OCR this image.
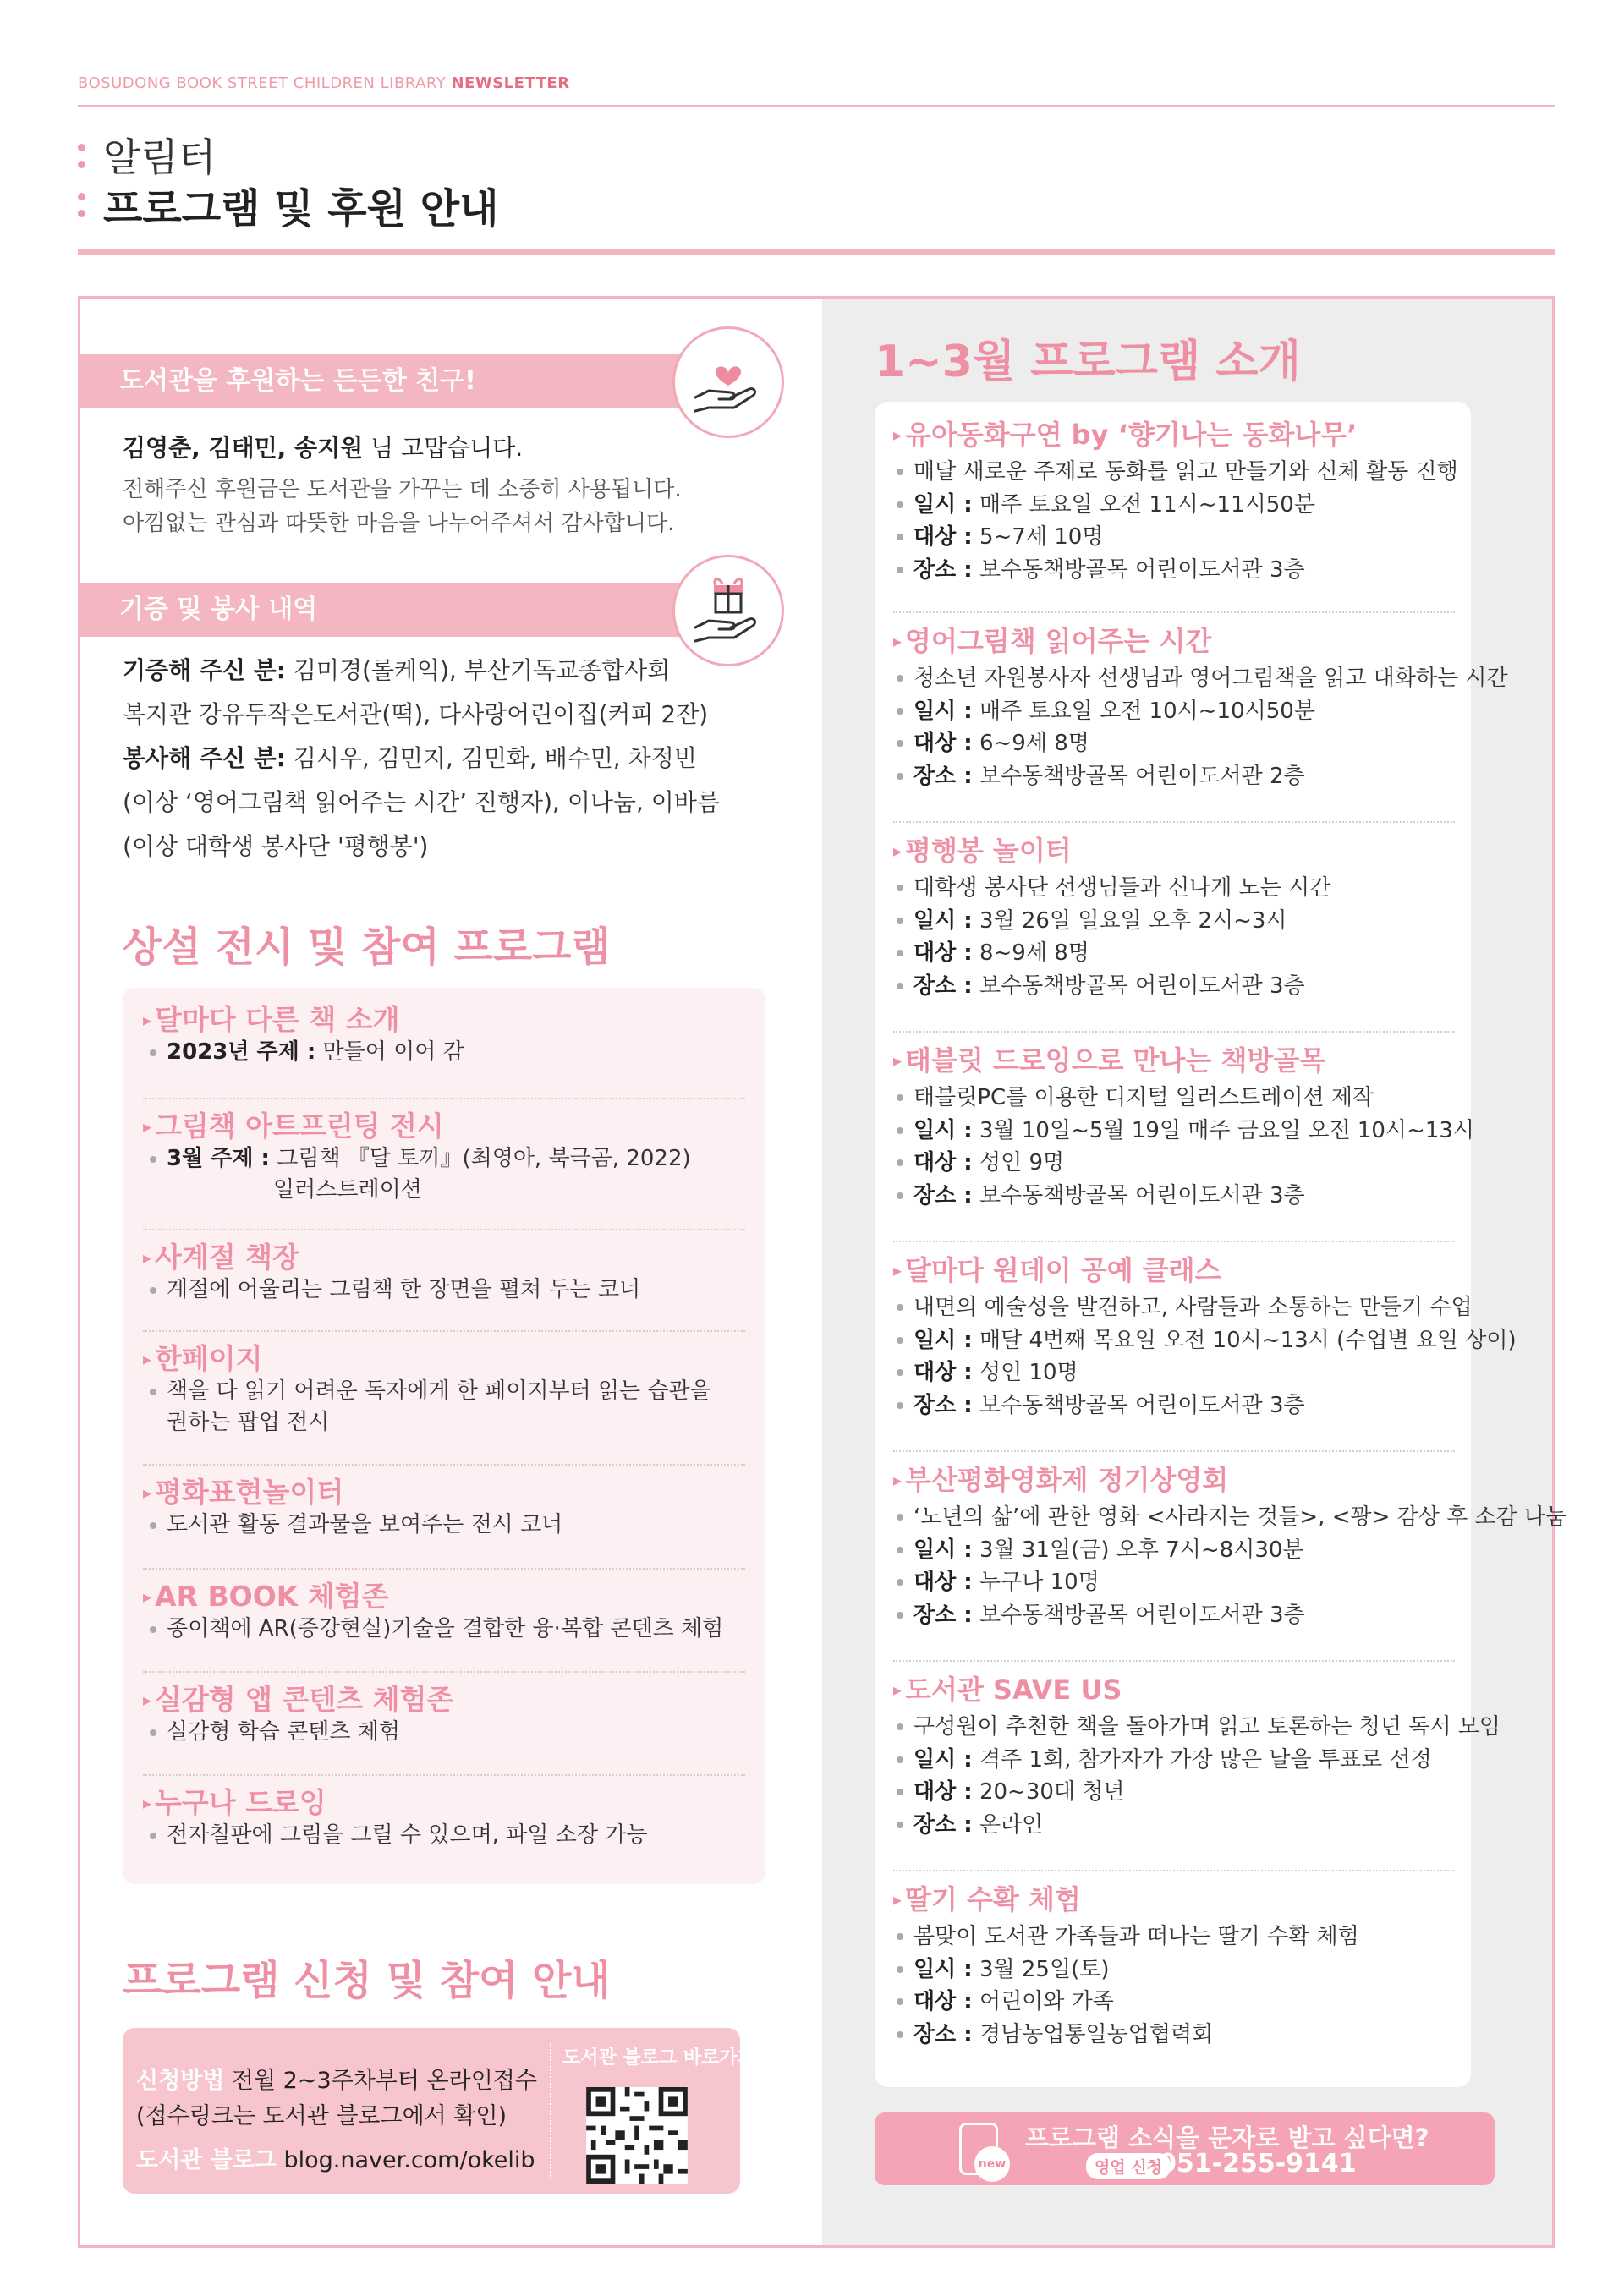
BOSUDONG BOOK STREET CHILDREN LIBRARY NEWSLETTER
알림터
프로그램 및 후원 안내
도서관을 후원하는 든든한 친구!
김영춘, 김태민, 송지원 님 고맙습니다.
전해주신 후원금은 도서관을 가꾸는 데 소중히 사용됩니다.
아낌없는 관심과 따뜻한 마음을 나누어주셔서 감사합니다.
기증 및 봉사 내역
기증해 주신 분: 김미경(롤케익), 부산기독교종합사회
복지관 강유두작은도서관(떡), 다사랑어린이집(커피 2잔)
봉사해 주신 분: 김시우, 김민지, 김민화, 배수민, 차정빈
(이상 ‘영어그림책 읽어주는 시간’ 진행자), 이나눔, 이바름
(이상 대학생 봉사단 '평행봉')
상설 전시 및 참여 프로그램
▸ 달마다 다른 책 소개
2023년 주제 : 만들어 이어 감
▸ 그림책 아트프린팅 전시
3월 주제 : 그림책 『달 토끼』(최영아, 북극곰, 2022)
일러스트레이션
▸ 사계절 책장
계절에 어울리는 그림책 한 장면을 펼쳐 두는 코너
▸ 한페이지
책을 다 읽기 어려운 독자에게 한 페이지부터 읽는 습관을
권하는 팝업 전시
▸ 평화표현놀이터
도서관 활동 결과물을 보여주는 전시 코너
▸ AR BOOK 체험존
종이책에 AR(증강현실)기술을 결합한 융·복합 콘텐츠 체험
▸ 실감형 앱 콘텐츠 체험존
실감형 학습 콘텐츠 체험
▸ 누구나 드로잉
전자칠판에 그림을 그릴 수 있으며, 파일 소장 가능
프로그램 신청 및 참여 안내
신청방법 전월 2~3주차부터 온라인접수
(접수링크는 도서관 블로그에서 확인)
도서관 블로그 blog.naver.com/okelib
도서관 블로그 바로가기
1~3월 프로그램 소개
▸ 유아동화구연 by ‘향기나는 동화나무’
매달 새로운 주제로 동화를 읽고 만들기와 신체 활동 진행
일시 : 매주 토요일 오전 11시~11시50분
대상 : 5~7세 10명
장소 : 보수동책방골목 어린이도서관 3층
▸ 영어그림책 읽어주는 시간
청소년 자원봉사자 선생님과 영어그림책을 읽고 대화하는 시간
일시 : 매주 토요일 오전 10시~10시50분
대상 : 6~9세 8명
장소 : 보수동책방골목 어린이도서관 2층
▸ 평행봉 놀이터
대학생 봉사단 선생님들과 신나게 노는 시간
일시 : 3월 26일 일요일 오후 2시~3시
대상 : 8~9세 8명
장소 : 보수동책방골목 어린이도서관 3층
▸ 태블릿 드로잉으로 만나는 책방골목
태블릿PC를 이용한 디지털 일러스트레이션 제작
일시 : 3월 10일~5월 19일 매주 금요일 오전 10시~13시
대상 : 성인 9명
장소 : 보수동책방골목 어린이도서관 3층
▸ 달마다 원데이 공예 클래스
내면의 예술성을 발견하고, 사람들과 소통하는 만들기 수업
일시 : 매달 4번째 목요일 오전 10시~13시 (수업별 요일 상이)
대상 : 성인 10명
장소 : 보수동책방골목 어린이도서관 3층
▸ 부산평화영화제 정기상영회
‘노년의 삶’에 관한 영화 <사라지는 것들>, <꽝> 감상 후 소감 나눔
일시 : 3월 31일(금) 오후 7시~8시30분
대상 : 누구나 10명
장소 : 보수동책방골목 어린이도서관 3층
▸ 도서관 SAVE US
구성원이 추천한 책을 돌아가며 읽고 토론하는 청년 독서 모임
일시 : 격주 1회, 참가자가 가장 많은 날을 투표로 선정
대상 : 20~30대 청년
장소 : 온라인
▸ 딸기 수확 체험
봄맞이 도서관 가족들과 떠나는 딸기 수확 체험
일시 : 3월 25일(토)
대상 : 어린이와 가족
장소 : 경남농업통일농업협력회
new
프로그램 소식을 문자로 받고 싶다면?
영업 신청
051-255-9141
